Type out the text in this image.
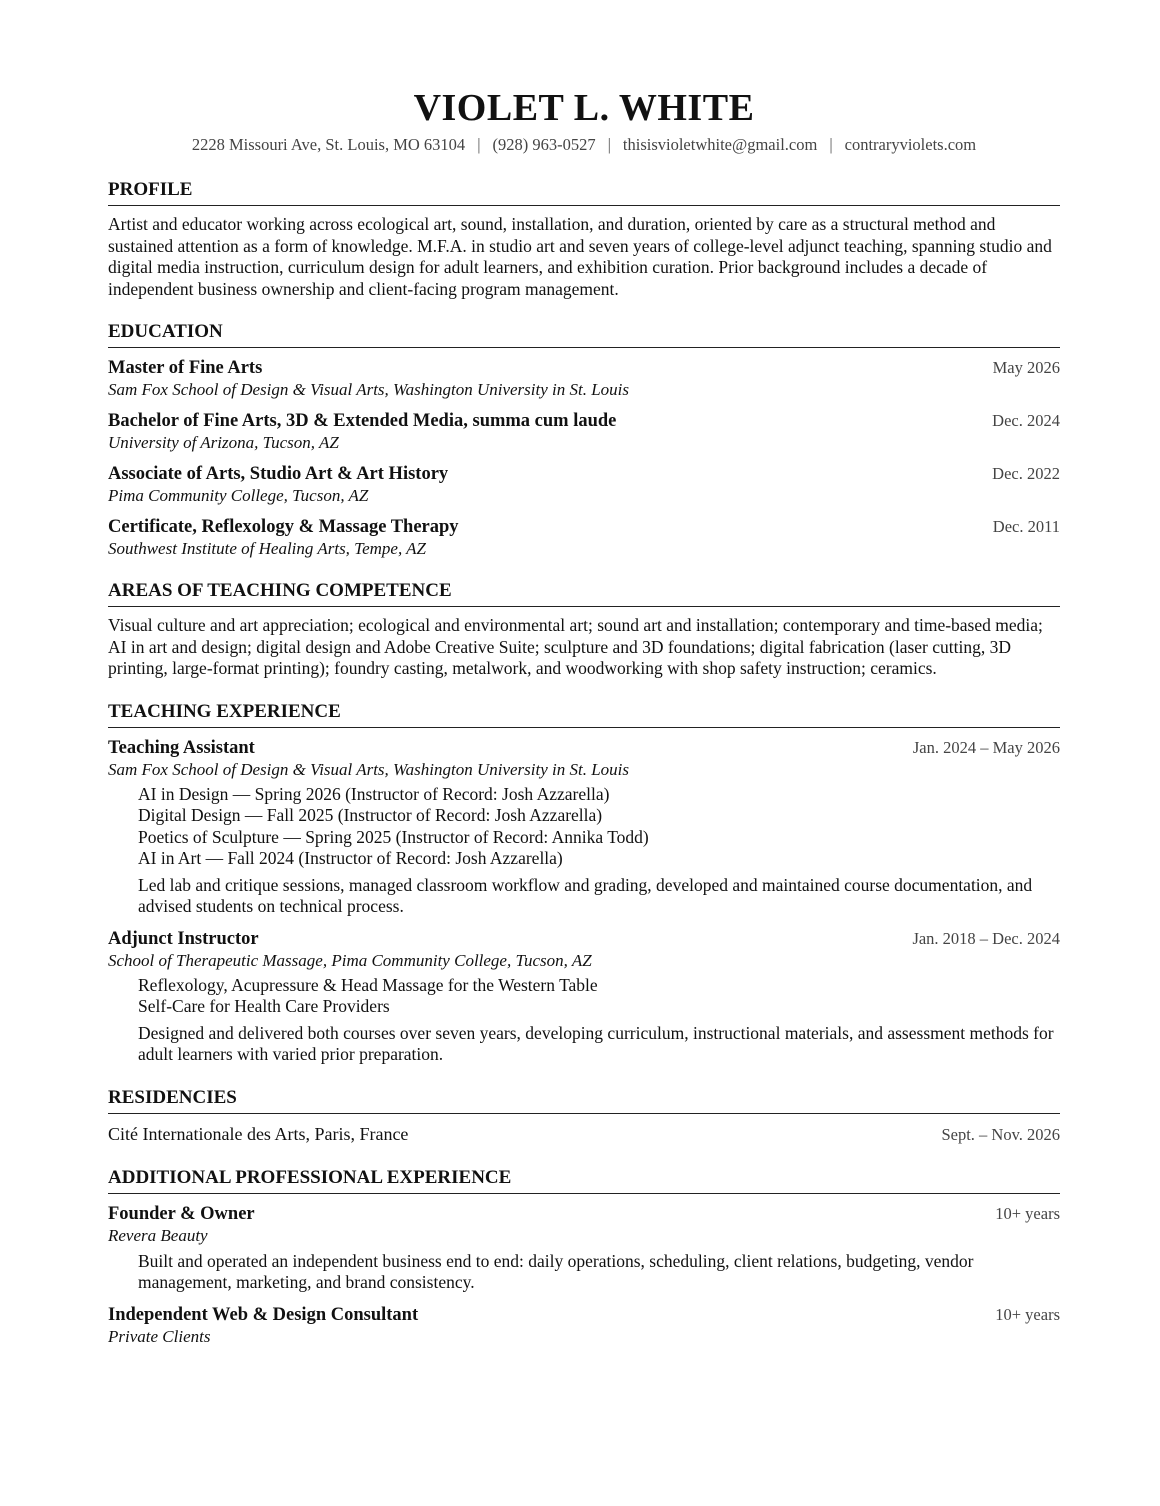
VIOLET L. WHITE
2228 Missouri Ave, St. Louis, MO 63104 | (928) 963-0527 | thisisvioletwhite@gmail.com | contraryviolets.com
PROFILE
Artist and educator working across ecological art, sound, installation, and duration, oriented by care as a structural method and sustained attention as a form of knowledge. M.F.A. in studio art and seven years of college-level adjunct teaching, spanning studio and digital media instruction, curriculum design for adult learners, and exhibition curation. Prior background includes a decade of independent business ownership and client-facing program management.
EDUCATION
Master of Fine Arts	May 2026
Sam Fox School of Design & Visual Arts, Washington University in St. Louis
Bachelor of Fine Arts, 3D & Extended Media, summa cum laude	Dec. 2024
University of Arizona, Tucson, AZ
Associate of Arts, Studio Art & Art History	Dec. 2022
Pima Community College, Tucson, AZ
Certificate, Reflexology & Massage Therapy	Dec. 2011
Southwest Institute of Healing Arts, Tempe, AZ
AREAS OF TEACHING COMPETENCE
Visual culture and art appreciation; ecological and environmental art; sound art and installation; contemporary and time-based media; AI in art and design; digital design and Adobe Creative Suite; sculpture and 3D foundations; digital fabrication (laser cutting, 3D printing, large-format printing); foundry casting, metalwork, and woodworking with shop safety instruction; ceramics.
TEACHING EXPERIENCE
Teaching Assistant	Jan. 2024 – May 2026
Sam Fox School of Design & Visual Arts, Washington University in St. Louis
AI in Design — Spring 2026 (Instructor of Record: Josh Azzarella)
Digital Design — Fall 2025 (Instructor of Record: Josh Azzarella)
Poetics of Sculpture — Spring 2025 (Instructor of Record: Annika Todd)
AI in Art — Fall 2024 (Instructor of Record: Josh Azzarella)
Led lab and critique sessions, managed classroom workflow and grading, developed and maintained course documentation, and advised students on technical process.
Adjunct Instructor	Jan. 2018 – Dec. 2024
School of Therapeutic Massage, Pima Community College, Tucson, AZ
Reflexology, Acupressure & Head Massage for the Western Table
Self-Care for Health Care Providers
Designed and delivered both courses over seven years, developing curriculum, instructional materials, and assessment methods for adult learners with varied prior preparation.
RESIDENCIES
Cité Internationale des Arts, Paris, France	Sept. – Nov. 2026
ADDITIONAL PROFESSIONAL EXPERIENCE
Founder & Owner	10+ years
Revera Beauty
Built and operated an independent business end to end: daily operations, scheduling, client relations, budgeting, vendor management, marketing, and brand consistency.
Independent Web & Design Consultant	10+ years
Private Clients
